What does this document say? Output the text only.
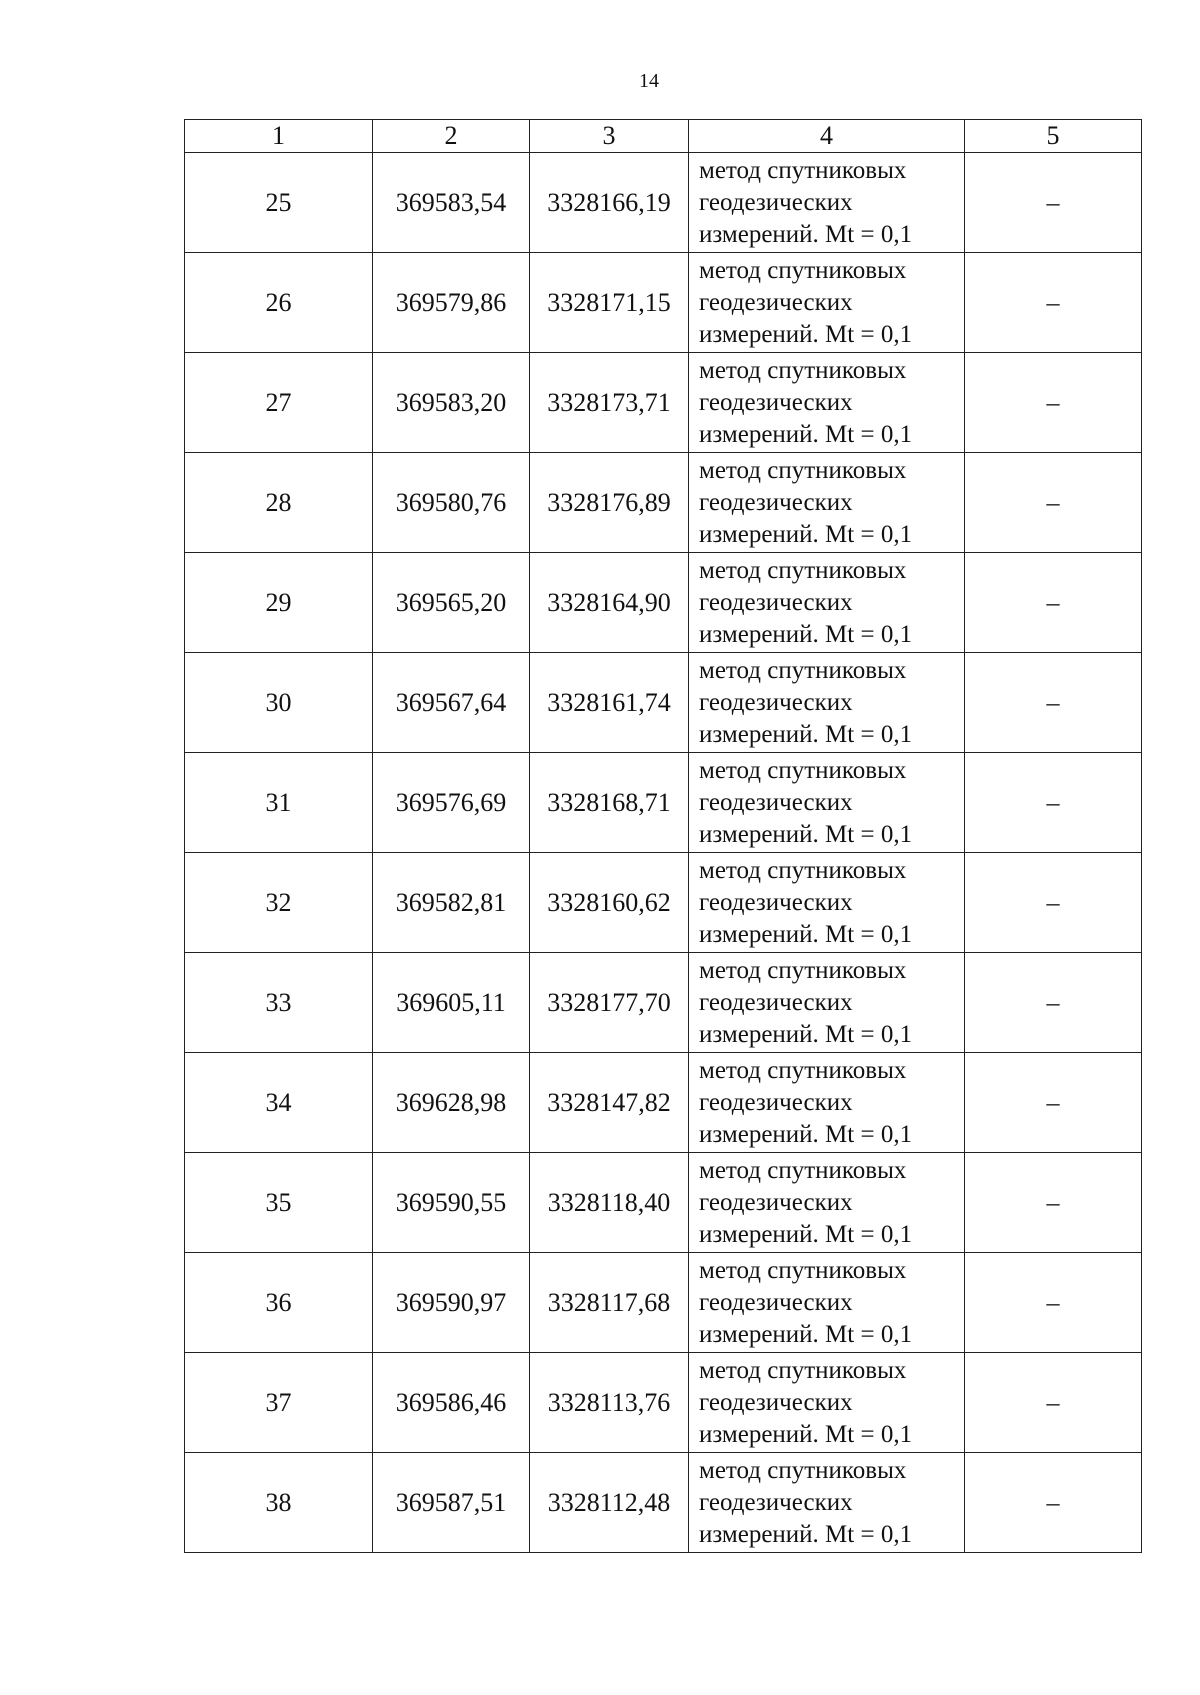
14
1	2	3	4	5
25	369583,54	3328166,19	метод спутниковых
геодезических
измерений. Mt = 0,1	–
26	369579,86	3328171,15	метод спутниковых
геодезических
измерений. Mt = 0,1	–
27	369583,20	3328173,71	метод спутниковых
геодезических
измерений. Mt = 0,1	–
28	369580,76	3328176,89	метод спутниковых
геодезических
измерений. Mt = 0,1	–
29	369565,20	3328164,90	метод спутниковых
геодезических
измерений. Mt = 0,1	–
30	369567,64	3328161,74	метод спутниковых
геодезических
измерений. Mt = 0,1	–
31	369576,69	3328168,71	метод спутниковых
геодезических
измерений. Mt = 0,1	–
32	369582,81	3328160,62	метод спутниковых
геодезических
измерений. Mt = 0,1	–
33	369605,11	3328177,70	метод спутниковых
геодезических
измерений. Mt = 0,1	–
34	369628,98	3328147,82	метод спутниковых
геодезических
измерений. Mt = 0,1	–
35	369590,55	3328118,40	метод спутниковых
геодезических
измерений. Mt = 0,1	–
36	369590,97	3328117,68	метод спутниковых
геодезических
измерений. Mt = 0,1	–
37	369586,46	3328113,76	метод спутниковых
геодезических
измерений. Mt = 0,1	–
38	369587,51	3328112,48	метод спутниковых
геодезических
измерений. Mt = 0,1	–
